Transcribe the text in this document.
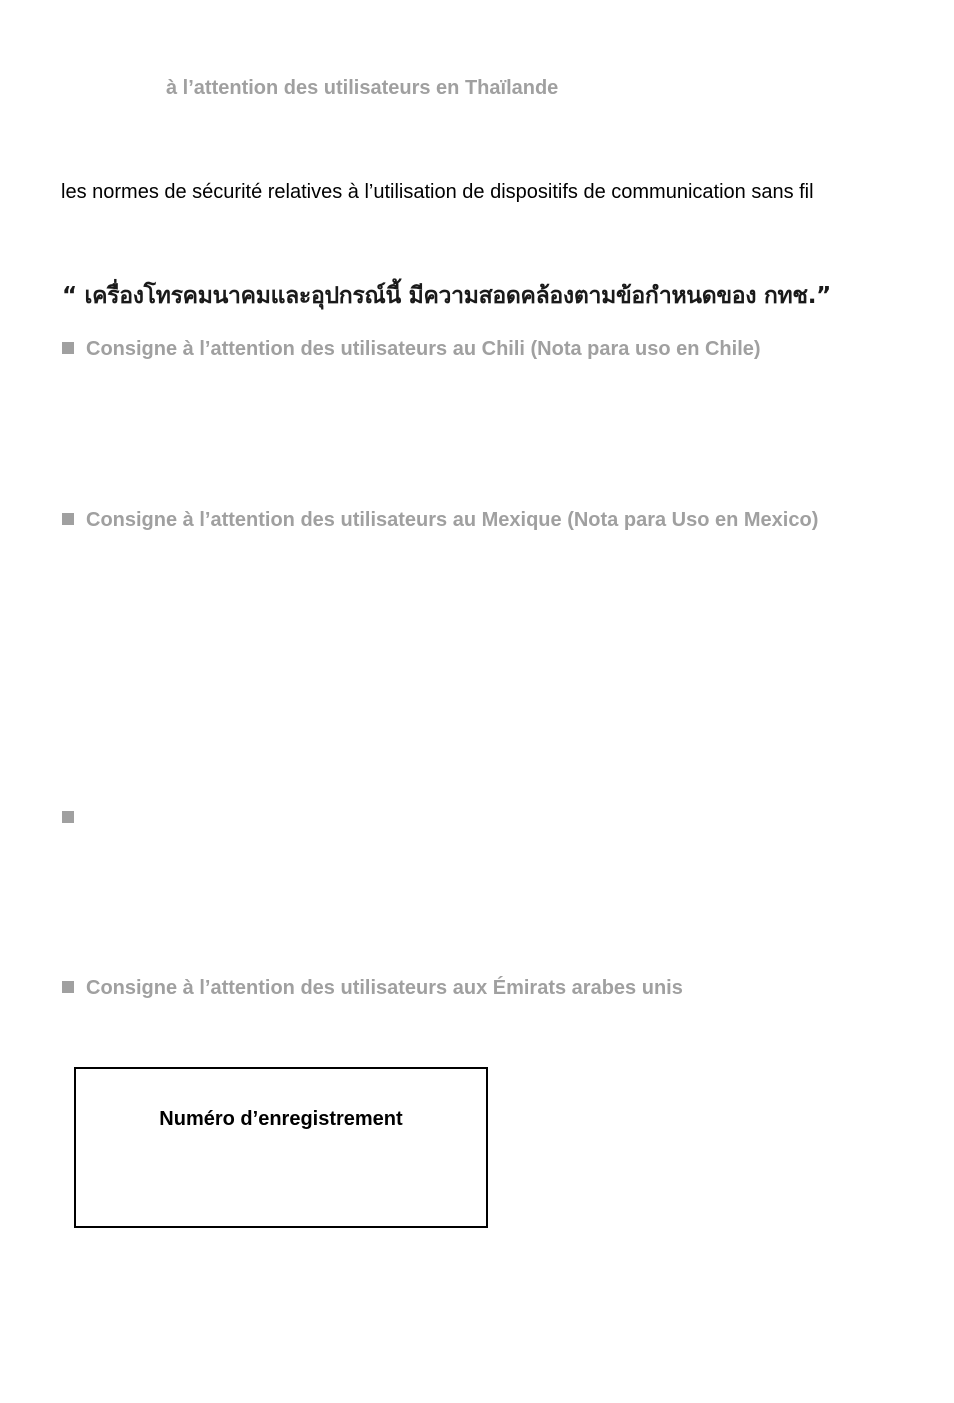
à l’attention des utilisateurs en Thaïlande
les normes de sécurité relatives à l’utilisation de dispositifs de communication sans fil
“ เครื่องโทรคมนาคมและอุปกรณ์นี้ มีความสอดคล้องตามข้อกำหนดของ กทช.”
Consigne à l’attention des utilisateurs au Chili (Nota para uso en Chile)
Consigne à l’attention des utilisateurs au Mexique (Nota para Uso en Mexico)
Consigne à l’attention des utilisateurs aux Émirats arabes unis
Numéro d’enregistrement
